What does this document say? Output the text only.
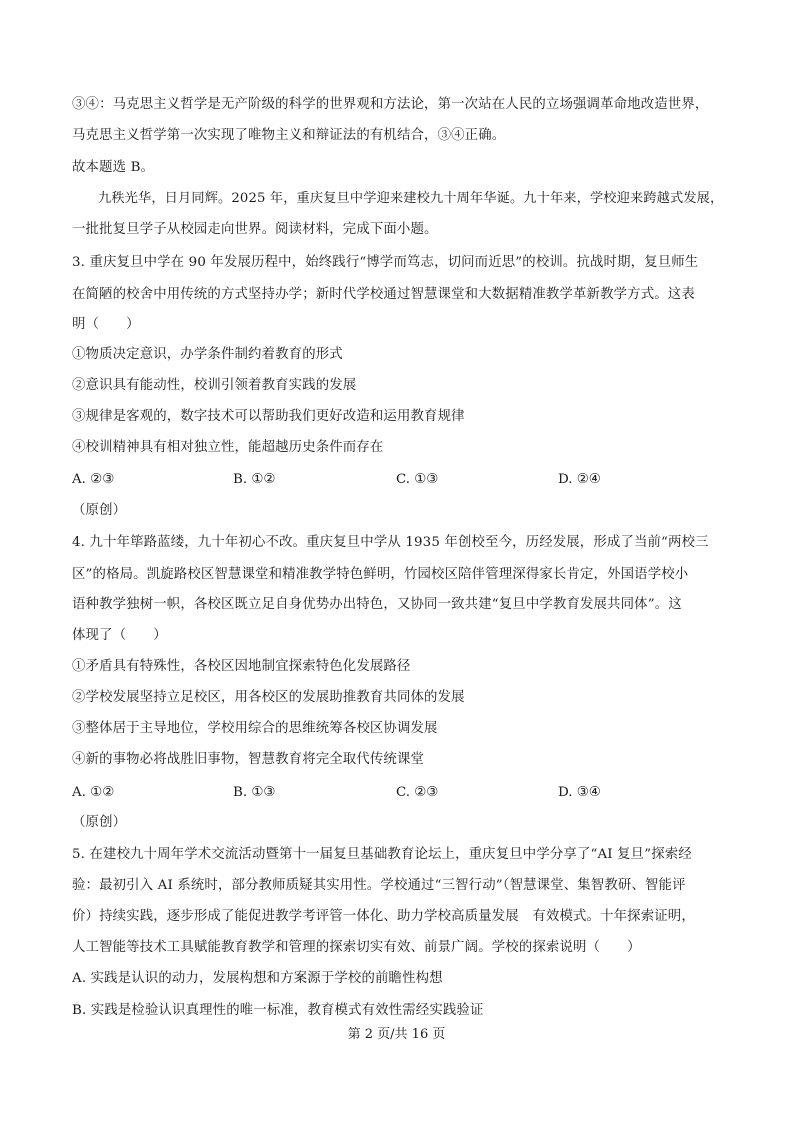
③④：马克思主义哲学是无产阶级的科学的世界观和方法论，第一次站在人民的立场强调革命地改造世界，
马克思主义哲学第一次实现了唯物主义和辩证法的有机结合，③④正确。
故本题选 B。
九秩光华，日月同辉。2025 年，重庆复旦中学迎来建校九十周年华诞。九十年来，学校迎来跨越式发展，
一批批复旦学子从校园走向世界。阅读材料，完成下面小题。
3. 重庆复旦中学在 90 年发展历程中，始终践行“博学而笃志，切问而近思”的校训。抗战时期，复旦师生
在简陋的校舍中用传统的方式坚持办学；新时代学校通过智慧课堂和大数据精准教学革新教学方式。这表
明（　　）
①物质决定意识，办学条件制约着教育的形式
②意识具有能动性，校训引领着教育实践的发展
③规律是客观的，数字技术可以帮助我们更好改造和运用教育规律
④校训精神具有相对独立性，能超越历史条件而存在
A. ②③	B. ①②	C. ①③	D. ②④
（原创）
4. 九十年筚路蓝缕，九十年初心不改。重庆复旦中学从 1935 年创校至今，历经发展，形成了当前“两校三
区”的格局。凯旋路校区智慧课堂和精准教学特色鲜明，竹园校区陪伴管理深得家长肯定，外国语学校小
语种教学独树一帜，各校区既立足自身优势办出特色，又协同一致共建“复旦中学教育发展共同体”。这
体现了（　　）
①矛盾具有特殊性，各校区因地制宜探索特色化发展路径
②学校发展坚持立足校区，用各校区的发展助推教育共同体的发展
③整体居于主导地位，学校用综合的思维统筹各校区协调发展
④新的事物必将战胜旧事物，智慧教育将完全取代传统课堂
A. ①②	B. ①③	C. ②③	D. ③④
（原创）
5. 在建校九十周年学术交流活动暨第十一届复旦基础教育论坛上，重庆复旦中学分享了“AI 复旦”探索经
验：最初引入 AI 系统时，部分教师质疑其实用性。学校通过“三智行动”（智慧课堂、集智教研、智能评
价）持续实践，逐步形成了能促进教学考评管一体化、助力学校高质量发展　有效模式。十年探索证明，
人工智能等技术工具赋能教育教学和管理的探索切实有效、前景广阔。学校的探索说明（　　）
A. 实践是认识的动力，发展构想和方案源于学校的前瞻性构想
B. 实践是检验认识真理性的唯一标准，教育模式有效性需经实践验证
第 2 页/共 16 页
